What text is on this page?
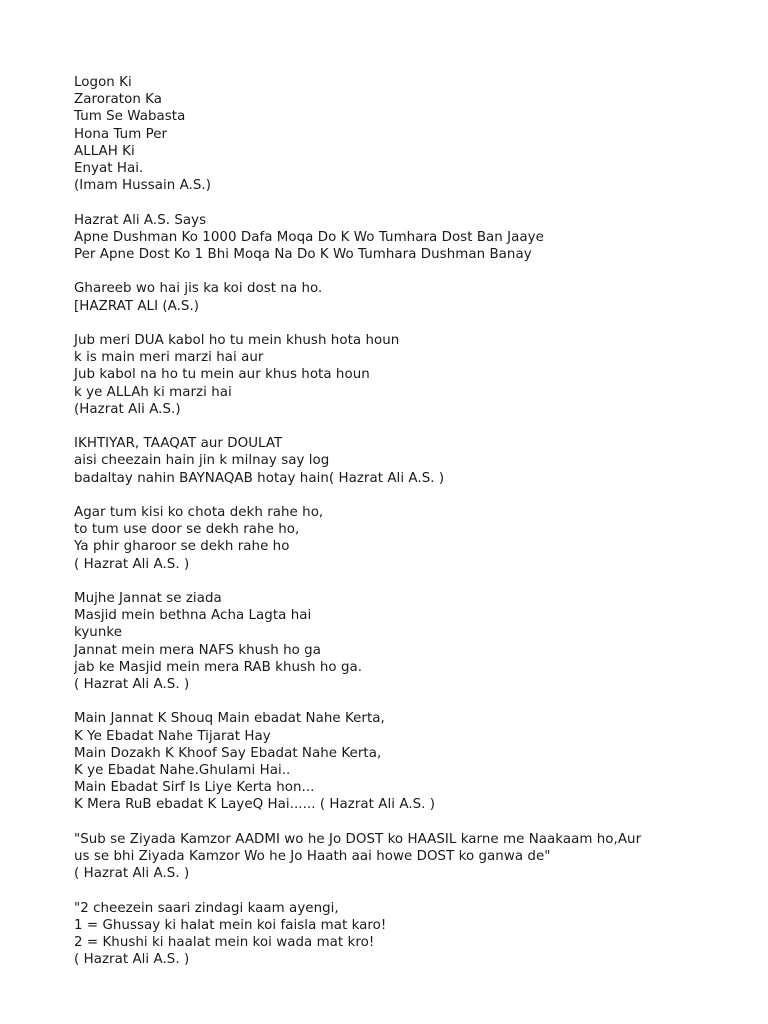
Logon Ki
Zaroraton Ka
Tum Se Wabasta
Hona Tum Per
ALLAH Ki
Enyat Hai.
(Imam Hussain A.S.)
Hazrat Ali A.S. Says
Apne Dushman Ko 1000 Dafa Moqa Do K Wo Tumhara Dost Ban Jaaye
Per Apne Dost Ko 1 Bhi Moqa Na Do K Wo Tumhara Dushman Banay
Ghareeb wo hai jis ka koi dost na ho.
[HAZRAT ALI (A.S.)
Jub meri DUA kabol ho tu mein khush hota houn
k is main meri marzi hai aur
Jub kabol na ho tu mein aur khus hota houn
k ye ALLAh ki marzi hai
(Hazrat Ali A.S.)
IKHTIYAR, TAAQAT aur DOULAT
aisi cheezain hain jin k milnay say log
badaltay nahin BAYNAQAB hotay hain( Hazrat Ali A.S. )
Agar tum kisi ko chota dekh rahe ho,
to tum use door se dekh rahe ho,
Ya phir gharoor se dekh rahe ho
( Hazrat Ali A.S. )
Mujhe Jannat se ziada
Masjid mein bethna Acha Lagta hai
kyunke
Jannat mein mera NAFS khush ho ga
jab ke Masjid mein mera RAB khush ho ga.
( Hazrat Ali A.S. )
Main Jannat K Shouq Main ebadat Nahe Kerta,
K Ye Ebadat Nahe Tijarat Hay
Main Dozakh K Khoof Say Ebadat Nahe Kerta,
K ye Ebadat Nahe.Ghulami Hai..
Main Ebadat Sirf Is Liye Kerta hon...
K Mera RuB ebadat K LayeQ Hai...... ( Hazrat Ali A.S. )
"Sub se Ziyada Kamzor AADMI wo he Jo DOST ko HAASIL karne me Naakaam ho,Aur
us se bhi Ziyada Kamzor Wo he Jo Haath aai howe DOST ko ganwa de"
( Hazrat Ali A.S. )
"2 cheezein saari zindagi kaam ayengi,
1 = Ghussay ki halat mein koi faisla mat karo!
2 = Khushi ki haalat mein koi wada mat kro!
( Hazrat Ali A.S. )
